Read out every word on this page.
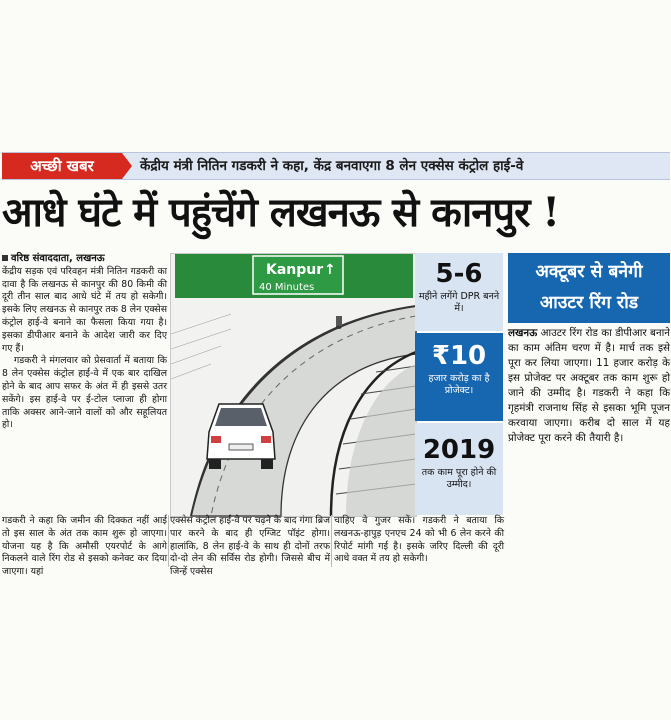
अच्छी खबर	केंद्रीय मंत्री नितिन गडकरी ने कहा, केंद्र बनवाएगा 8 लेन एक्सेस कंट्रोल हाई-वे
आधे घंटे में पहुंचेंगे लखनऊ से कानपुर !
वरिष्ठ संवाददाता, लखनऊ

केंद्रीय सड़क एवं परिवहन मंत्री नितिन गडकरी का दावा है कि लखनऊ से कानपुर की 80 किमी की दूरी तीन साल बाद आधे घंटे में तय हो सकेगी। इसके लिए लखनऊ से कानपुर तक 8 लेन एक्सेस कंट्रोल हाई-वे बनाने का फैसला किया गया है। इसका डीपीआर बनाने के आदेश जारी कर दिए गए हैं।

गडकरी ने मंगलवार को प्रेसवार्ता में बताया कि 8 लेन एक्सेस कंट्रोल हाई-वे में एक बार दाखिल होने के बाद आप सफर के अंत में ही इससे उतर सकेंगे। इस हाई-वे पर ई-टोल प्लाजा ही होगा ताकि अक्सर आने-जाने वालों को और सहूलियत हो।

Kanpur ↑
40 Minutes	5-6
महीने लगेंगे DPR बनने में।
₹10
हजार करोड़ का है प्रोजेक्ट।
2019
तक काम पूरा होने की उम्मीद।
अक्टूबर से बनेगी
आउटर रिंग रोड
लखनऊ आउटर रिंग रोड का डीपीआर बनाने का काम अंतिम चरण में है। मार्च तक इसे पूरा कर लिया जाएगा। 11 हजार करोड़ के इस प्रोजेक्ट पर अक्टूबर तक काम शुरू हो जाने की उम्मीद है। गडकरी ने कहा कि गृहमंत्री राजनाथ सिंह से इसका भूमि पूजन करवाया जाएगा। करीब दो साल में यह प्रोजेक्ट पूरा करने की तैयारी है।
गडकरी ने कहा कि जमीन की दिक्कत नहीं आई तो इस साल के अंत तक काम शुरू हो जाएगा। योजना यह है कि अमौसी एयरपोर्ट के आगे निकलने वाले रिंग रोड से इसको कनेक्ट कर दिया जाएगा। यहां
एक्सेस कंट्रोल हाई-वे पर चढ़ने के बाद गंगा ब्रिज पार करने के बाद ही एग्जिट पॉइंट होगा। हालांकि, 8 लेन हाई-वे के साथ ही दोनों तरफ दो-दो लेन की सर्विस रोड होगी। जिससे बीच में जिन्हें एक्सेस
चाहिए वे गुजर सकें। गडकरी ने बताया कि लखनऊ-हापुड़ एनएच 24 को भी 6 लेन करने की रिपोर्ट मांगी गई है। इसके जरिए दिल्ली की दूरी आधे वक्त में तय हो सकेगी।
